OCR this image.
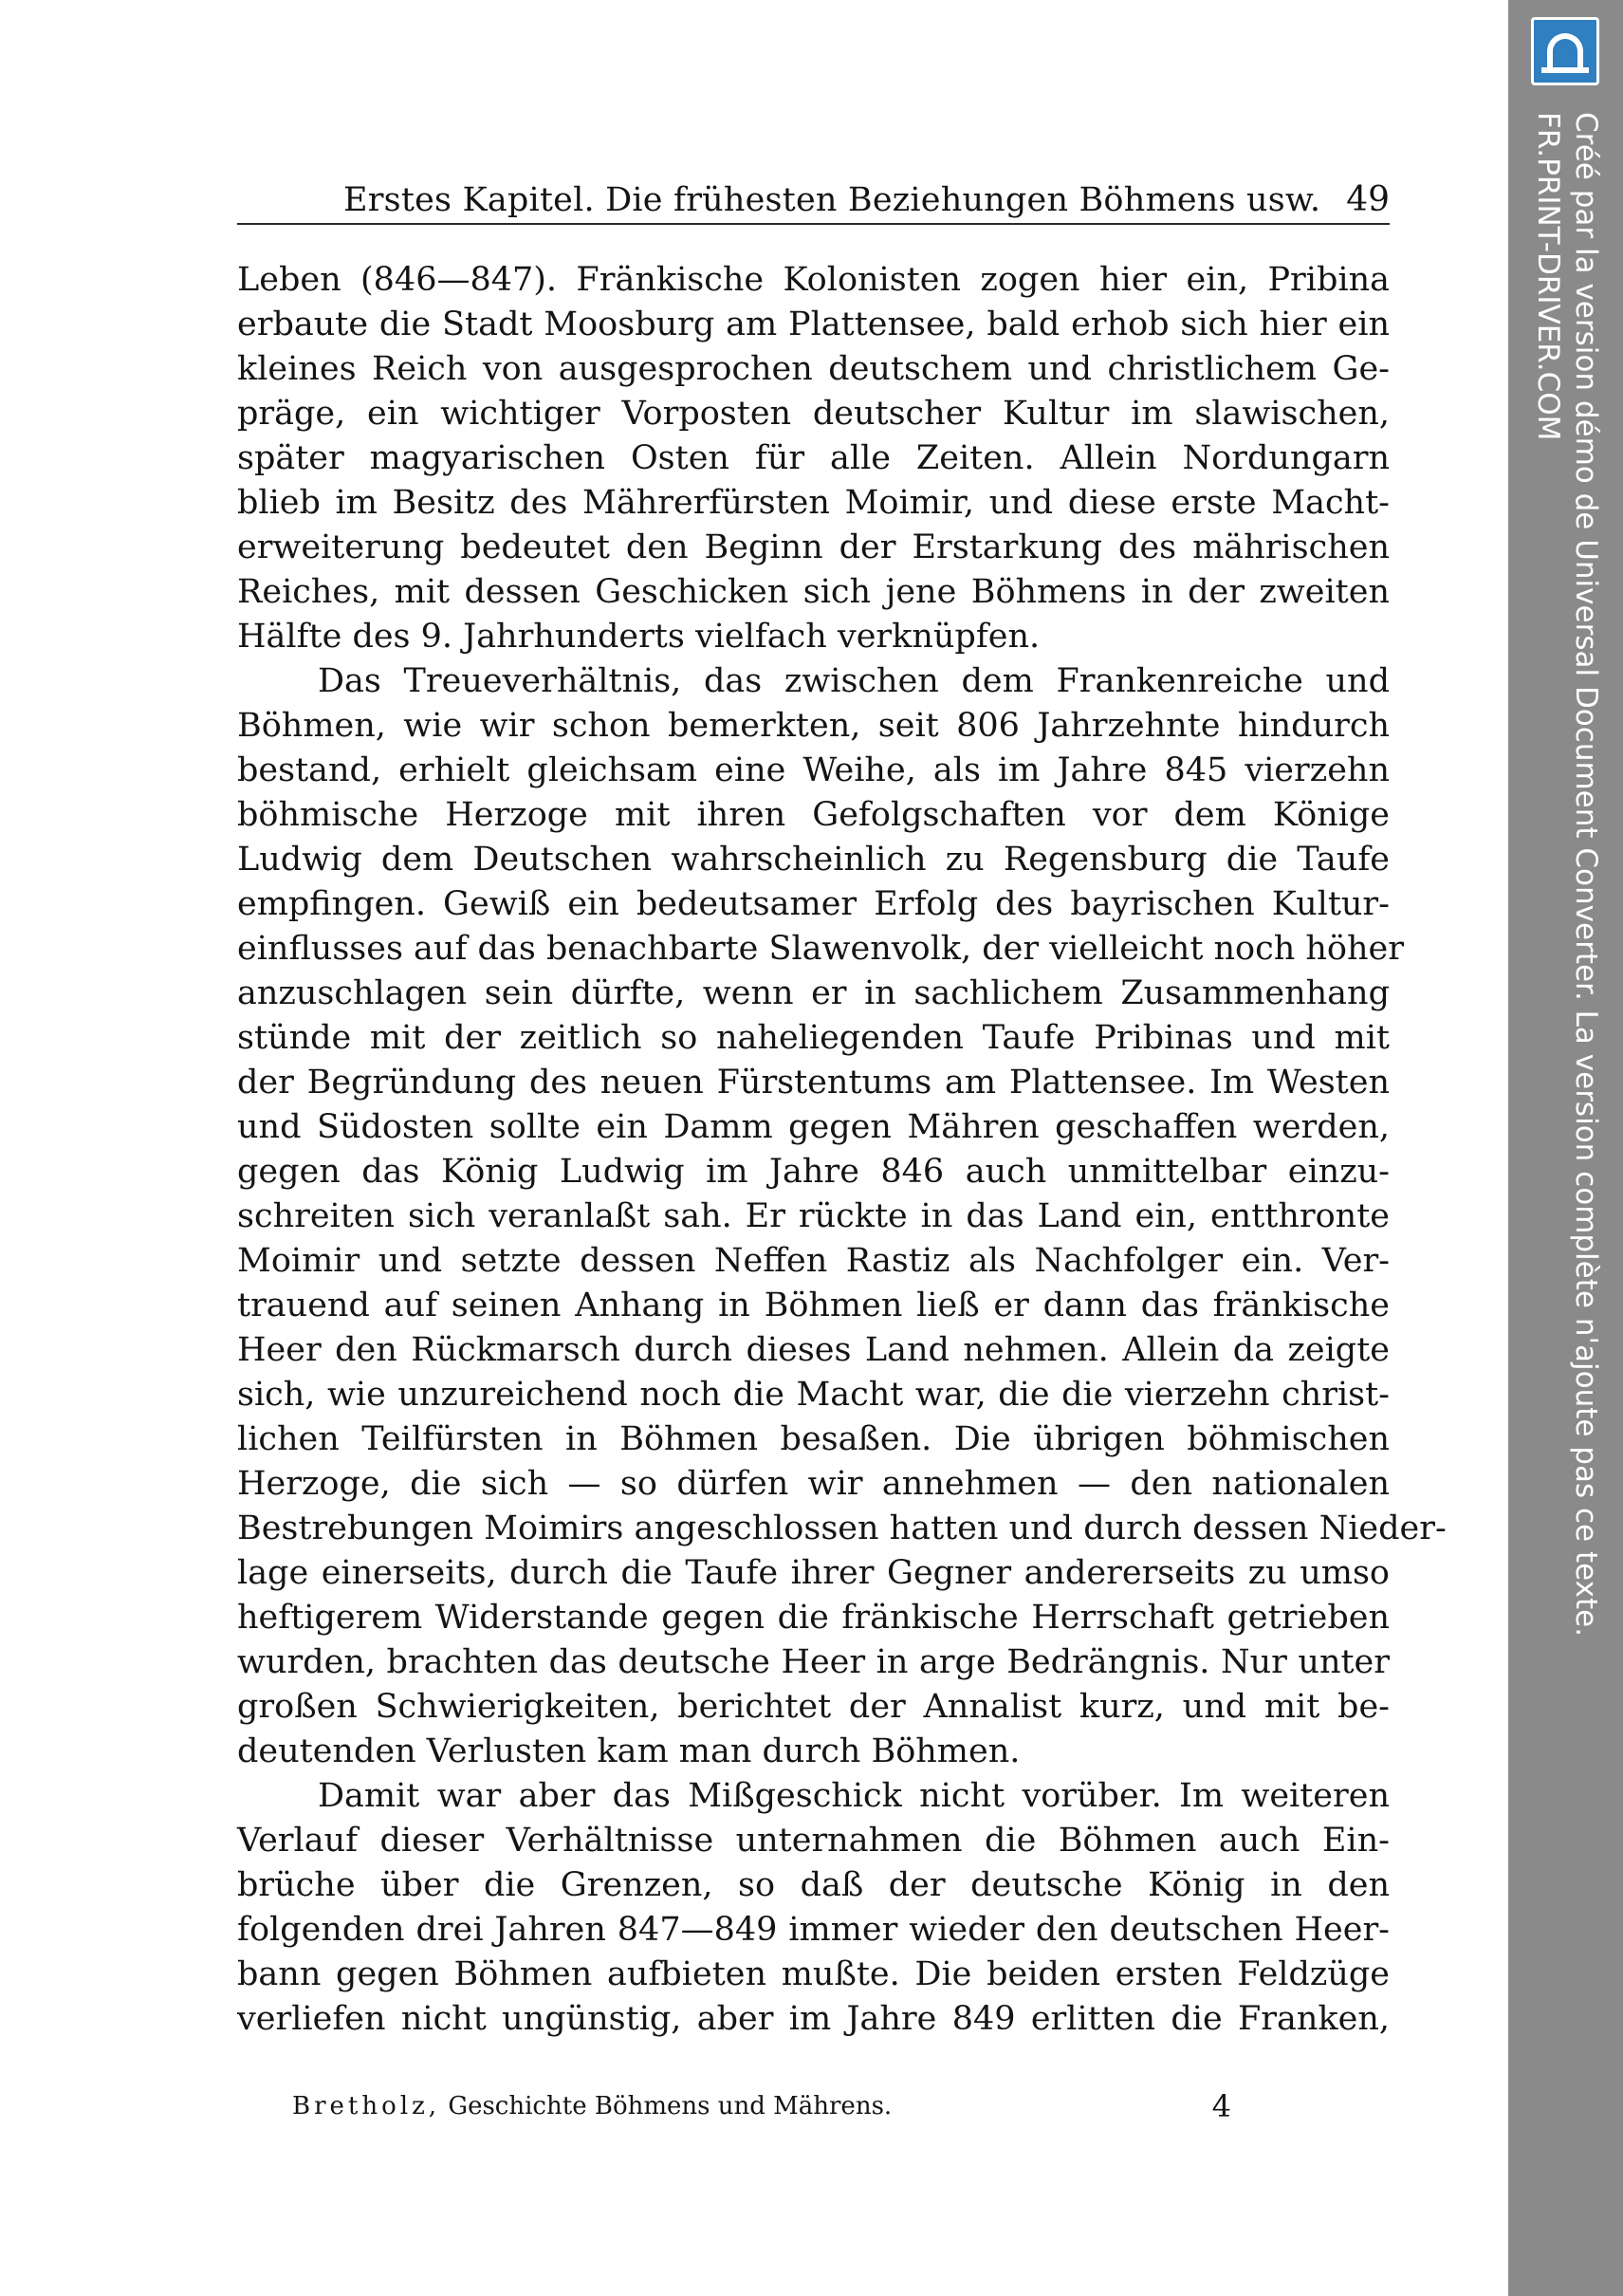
Erstes Kapitel. Die frühesten Beziehungen Böhmens usw. 49
Leben (846—847). Fränkische Kolonisten zogen hier ein, Pribina
erbaute die Stadt Moosburg am Plattensee, bald erhob sich hier ein
kleines Reich von ausgesprochen deutschem und christlichem Ge-
präge, ein wichtiger Vorposten deutscher Kultur im slawischen,
später magyarischen Osten für alle Zeiten. Allein Nordungarn
blieb im Besitz des Mährerfürsten Moimir, und diese erste Macht-
erweiterung bedeutet den Beginn der Erstarkung des mährischen
Reiches, mit dessen Geschicken sich jene Böhmens in der zweiten
Hälfte des 9. Jahrhunderts vielfach verknüpfen.
Das Treueverhältnis, das zwischen dem Frankenreiche und
Böhmen, wie wir schon bemerkten, seit 806 Jahrzehnte hindurch
bestand, erhielt gleichsam eine Weihe, als im Jahre 845 vierzehn
böhmische Herzoge mit ihren Gefolgschaften vor dem Könige
Ludwig dem Deutschen wahrscheinlich zu Regensburg die Taufe
empfingen. Gewiß ein bedeutsamer Erfolg des bayrischen Kultur-
einflusses auf das benachbarte Slawenvolk, der vielleicht noch höher
anzuschlagen sein dürfte, wenn er in sachlichem Zusammenhang
stünde mit der zeitlich so naheliegenden Taufe Pribinas und mit
der Begründung des neuen Fürstentums am Plattensee. Im Westen
und Südosten sollte ein Damm gegen Mähren geschaffen werden,
gegen das König Ludwig im Jahre 846 auch unmittelbar einzu-
schreiten sich veranlaßt sah. Er rückte in das Land ein, entthronte
Moimir und setzte dessen Neffen Rastiz als Nachfolger ein. Ver-
trauend auf seinen Anhang in Böhmen ließ er dann das fränkische
Heer den Rückmarsch durch dieses Land nehmen. Allein da zeigte
sich, wie unzureichend noch die Macht war, die die vierzehn christ-
lichen Teilfürsten in Böhmen besaßen. Die übrigen böhmischen
Herzoge, die sich — so dürfen wir annehmen — den nationalen
Bestrebungen Moimirs angeschlossen hatten und durch dessen Nieder-
lage einerseits, durch die Taufe ihrer Gegner andererseits zu umso
heftigerem Widerstande gegen die fränkische Herrschaft getrieben
wurden, brachten das deutsche Heer in arge Bedrängnis. Nur unter
großen Schwierigkeiten, berichtet der Annalist kurz, und mit be-
deutenden Verlusten kam man durch Böhmen.
Damit war aber das Mißgeschick nicht vorüber. Im weiteren
Verlauf dieser Verhältnisse unternahmen die Böhmen auch Ein-
brüche über die Grenzen, so daß der deutsche König in den
folgenden drei Jahren 847—849 immer wieder den deutschen Heer-
bann gegen Böhmen aufbieten mußte. Die beiden ersten Feldzüge
verliefen nicht ungünstig, aber im Jahre 849 erlitten die Franken,
Bretholz, Geschichte Böhmens und Mährens.	4
Créé par la version démo de Universal Document Converter. La version complète n'ajoute pas ce texte.
FR.PRINT-DRIVER.COM
